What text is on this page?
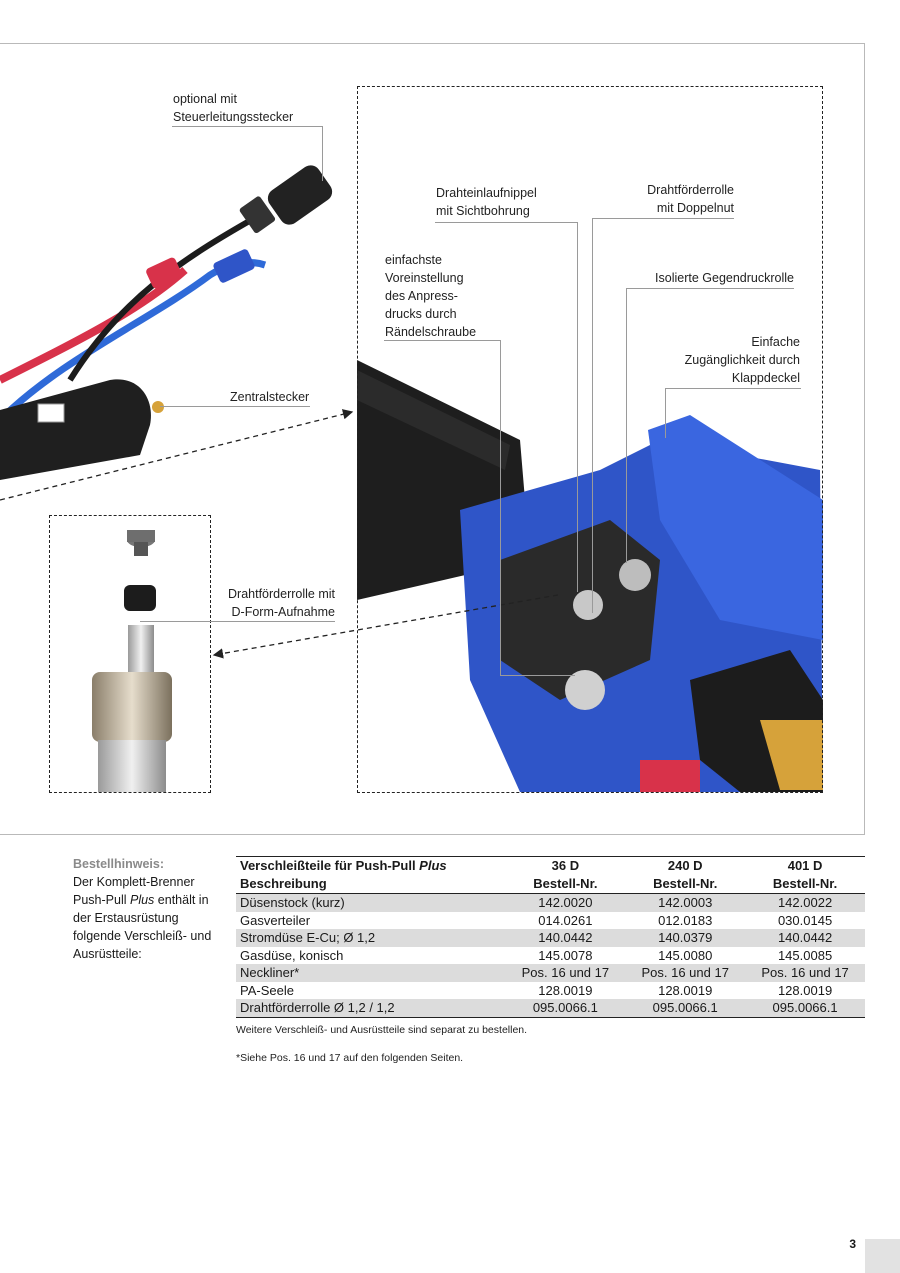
optional mit
Steuerleitungsstecker
Drahteinlaufnippel
mit Sichtbohrung
Drahtförderrolle
mit Doppelnut
einfachste
Voreinstellung
des Anpress-
drucks durch
Rändelschraube
Isolierte Gegendruckrolle
Einfache
Zugänglichkeit durch
Klappdeckel
Zentralstecker
Drahtförderrolle mit
D-Form-Aufnahme
Bestellhinweis:
Der Komplett-Brenner Push-Pull Plus enthält in der Erstausrüstung folgende Verschleiß- und Ausrüstteile:
Verschleißteile für Push-Pull Plus	36 D	240 D	401 D
Beschreibung	Bestell-Nr.	Bestell-Nr.	Bestell-Nr.
Düsenstock (kurz)	142.0020	142.0003	142.0022
Gasverteiler	014.0261	012.0183	030.0145
Stromdüse E-Cu; Ø 1,2	140.0442	140.0379	140.0442
Gasdüse, konisch	145.0078	145.0080	145.0085
Neckliner*	Pos. 16 und 17	Pos. 16 und 17	Pos. 16 und 17
PA-Seele	128.0019	128.0019	128.0019
Drahtförderrolle Ø 1,2 / 1,2	095.0066.1	095.0066.1	095.0066.1
Weitere Verschleiß- und Ausrüstteile sind separat zu bestellen.
*Siehe Pos. 16 und 17 auf den folgenden Seiten.
3
